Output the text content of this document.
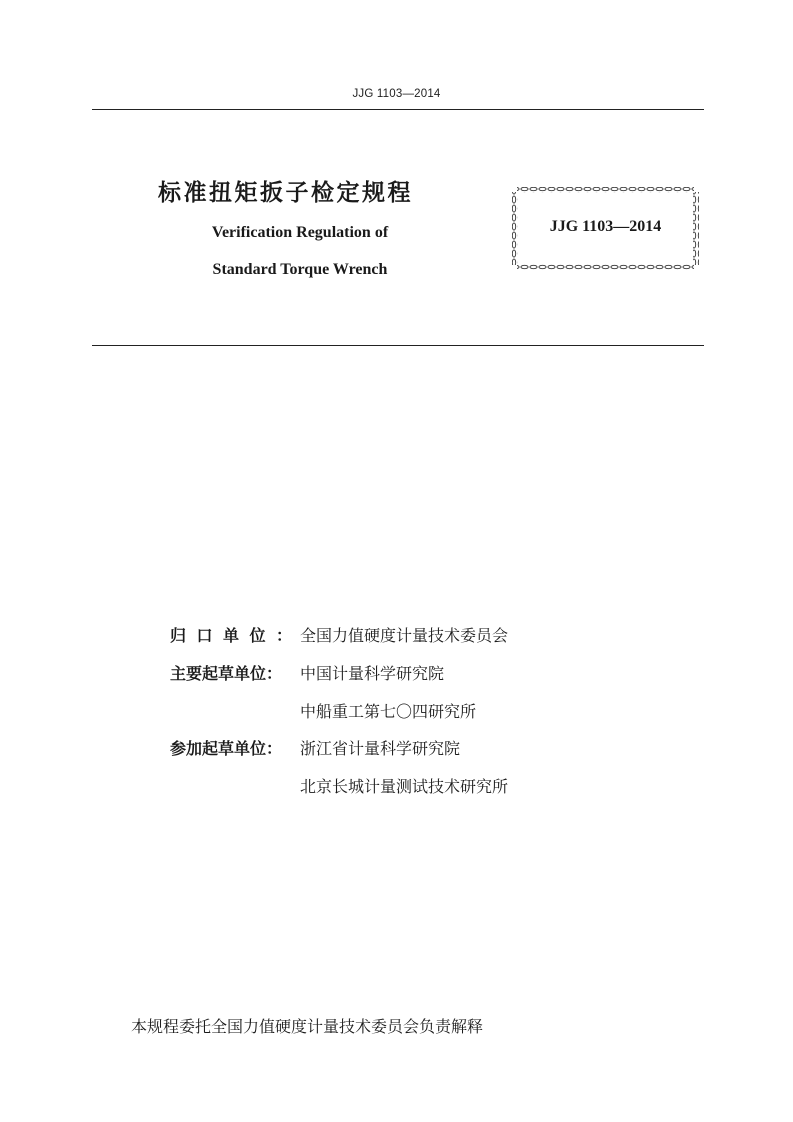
JJG 1103—2014
标准扭矩扳子检定规程
Verification Regulation of
Standard Torque Wrench
JJG 1103—2014
归口单位：全国力值硬度计量技术委员会
主要起草单位： 中国计量科学研究院
中船重工第七〇四研究所
参加起草单位： 浙江省计量科学研究院
北京长城计量测试技术研究所
本规程委托全国力值硬度计量技术委员会负责解释
